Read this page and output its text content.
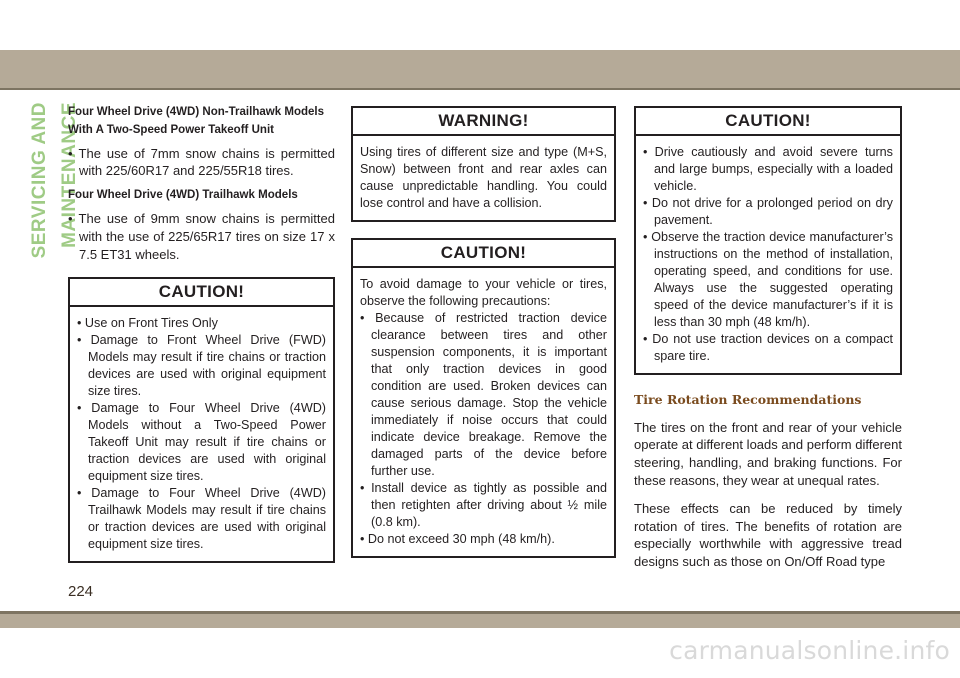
SERVICING AND MAINTENANCE
Four Wheel Drive (4WD) Non-Trailhawk Models With A Two-Speed Power Takeoff Unit
• The use of 7mm snow chains is permitted with 225/60R17 and 225/55R18 tires.
Four Wheel Drive (4WD) Trailhawk Models
• The use of 9mm snow chains is permitted with the use of 225/65R17 tires on size 17 x 7.5 ET31 wheels.
CAUTION!
• Use on Front Tires Only
• Damage to Front Wheel Drive (FWD) Models may result if tire chains or traction devices are used with original equipment size tires.
• Damage to Four Wheel Drive (4WD) Models without a Two-Speed Power Takeoff Unit may result if tire chains or traction devices are used with original equipment size tires.
• Damage to Four Wheel Drive (4WD) Trailhawk Models may result if tire chains or traction devices are used with original equipment size tires.
WARNING!
Using tires of different size and type (M+S, Snow) between front and rear axles can cause unpredictable handling. You could lose control and have a collision.
CAUTION!
To avoid damage to your vehicle or tires, observe the following precautions:
• Because of restricted traction device clearance between tires and other suspension components, it is important that only traction devices in good condition are used. Broken devices can cause serious damage. Stop the vehicle immediately if noise occurs that could indicate device breakage. Remove the damaged parts of the device before further use.
• Install device as tightly as possible and then retighten after driving about ½ mile (0.8 km).
• Do not exceed 30 mph (48 km/h).
CAUTION!
• Drive cautiously and avoid severe turns and large bumps, especially with a loaded vehicle.
• Do not drive for a prolonged period on dry pavement.
• Observe the traction device manufacturer’s instructions on the method of installation, operating speed, and conditions for use. Always use the suggested operating speed of the device manufacturer’s if it is less than 30 mph (48 km/h).
• Do not use traction devices on a compact spare tire.
Tire Rotation Recommendations
The tires on the front and rear of your vehicle operate at different loads and perform different steering, handling, and braking functions. For these reasons, they wear at unequal rates.
These effects can be reduced by timely rotation of tires. The benefits of rotation are especially worthwhile with aggressive tread designs such as those on On/Off Road type
224
carmanualsonline.info
